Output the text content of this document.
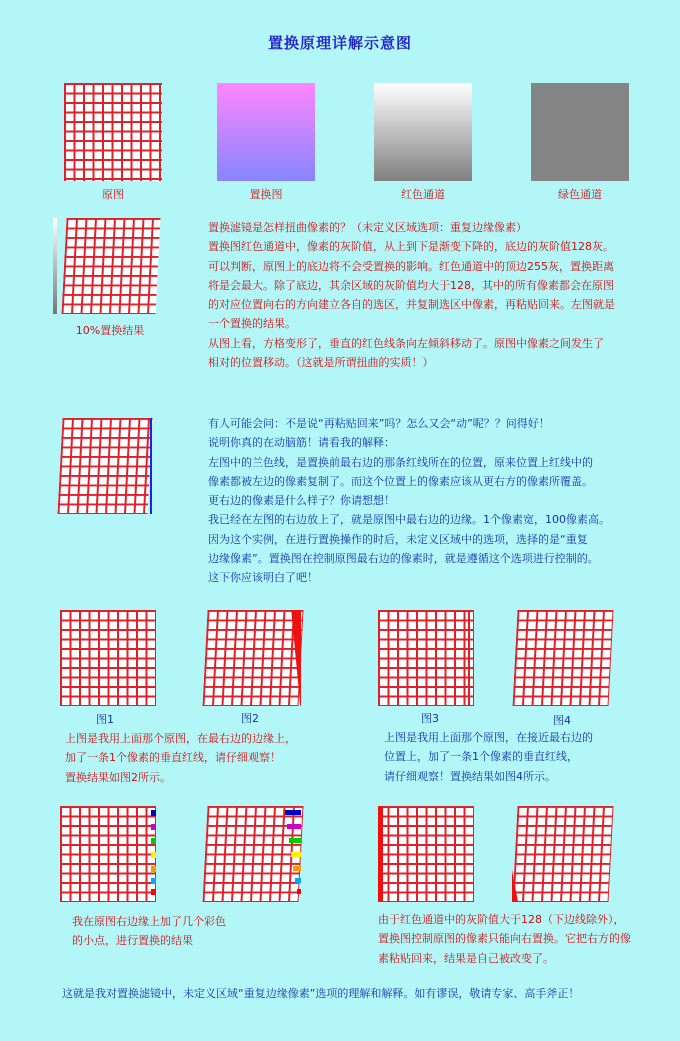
置换原理详解示意图
原图	置换图	红色通道	绿色通道
10%置换结果

置换滤镜是怎样扭曲像素的？（未定义区域选项：重复边缘像素）

置换图红色通道中，像素的灰阶值，从上到下是渐变下降的，底边的灰阶值128灰。

可以判断，原图上的底边将不会受置换的影响。红色通道中的顶边255灰，置换距离

将是会最大。除了底边，其余区域的灰阶值均大于128，其中的所有像素都会在原图

的对应位置向右的方向建立各自的选区，并复制选区中像素，再粘贴回来。左图就是

一个置换的结果。

从图上看，方格变形了，垂直的红色线条向左倾斜移动了。原图中像素之间发生了

相对的位置移动。（这就是所谓扭曲的实质！）

有人可能会问：不是说“再粘贴回来”吗？怎么又会“动”呢？？问得好！

说明你真的在动脑筋！请看我的解释：

左图中的兰色线，是置换前最右边的那条红线所在的位置，原来位置上红线中的

像素都被左边的像素复制了。而这个位置上的像素应该从更右方的像素所覆盖。

更右边的像素是什么样子？你请想想！

我已经在左图的右边放上了，就是原图中最右边的边缘。1个像素宽，100像素高。

因为这个实例，在进行置换操作的时后，未定义区域中的选项，选择的是“重复

边缘像素”。置换图在控制原图最右边的像素时，就是遵循这个选项进行控制的。

这下你应该明白了吧！

图1	图2	图3	图4

上图是我用上面那个原图，在最右边的边缘上，

加了一条1个像素的垂直红线，请仔细观察！

置换结果如图2所示。

上图是我用上面那个原图，在接近最右边的

位置上，加了一条1个像素的垂直红线，

请仔细观察！置换结果如图4所示。

我在原图右边缘上加了几个彩色

的小点，进行置换的结果

由于红色通道中的灰阶值大于128（下边线除外），

置换图控制原图的像素只能向右置换。它把右方的像

素粘贴回来，结果是自己被改变了。

这就是我对置换滤镜中，未定义区域“重复边缘像素”选项的理解和解释。如有谬误，敬请专家、高手斧正！
